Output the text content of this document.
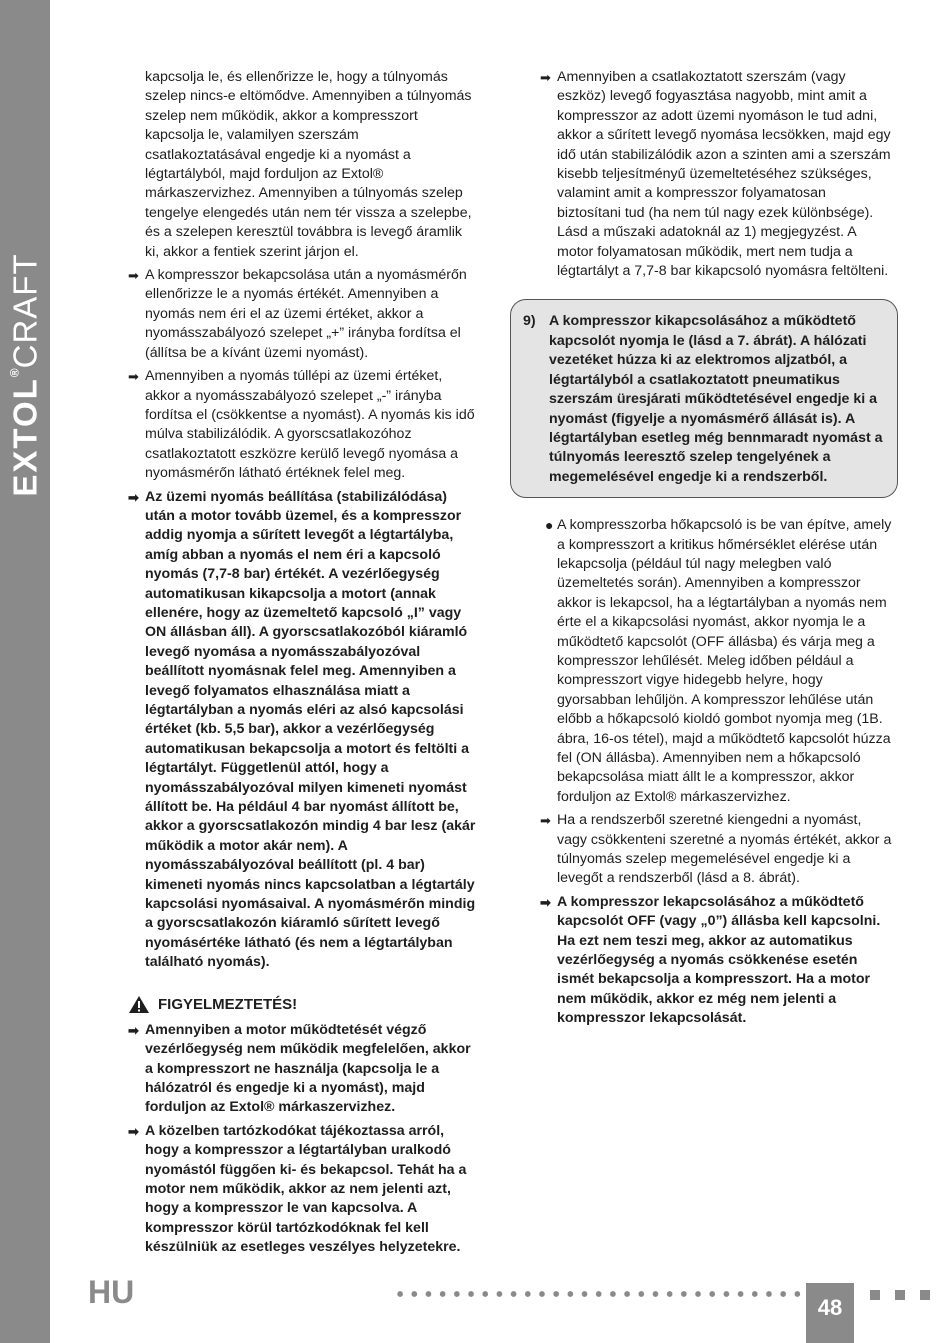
EXTOL®CRAFT

kapcsolja le, és ellenőrizze le, hogy a túlnyomás szelep nincs-e eltömődve. Amennyiben a túlnyomás szelep nem működik, akkor a kompresszort kapcsolja le, valamilyen szerszám csatlakoztatásával engedje ki a nyomást a légtartályból, majd forduljon az Extol® márkaszervizhez. Amennyiben a túlnyomás szelep tengelye elengedés után nem tér vissza a szelepbe, és a szelepen keresztül továbbra is levegő áramlik ki, akkor a fentiek szerint járjon el.

➡ A kompresszor bekapcsolása után a nyomásmérőn ellenőrizze le a nyomás értékét. Amennyiben a nyomás nem éri el az üzemi értéket, akkor a nyomásszabályozó szelepet „+” irányba fordítsa el (állítsa be a kívánt üzemi nyomást).
➡ Amennyiben a nyomás túllépi az üzemi értéket, akkor a nyomásszabályozó szelepet „-” irányba fordítsa el (csökkentse a nyomást). A nyomás kis idő múlva stabilizálódik. A gyorscsatlakozóhoz csatlakoztatott eszközre kerülő levegő nyomása a nyomásmérőn látható értéknek felel meg.
➡ Az üzemi nyomás beállítása (stabilizálódása) után a motor tovább üzemel, és a kompresszor addig nyomja a sűrített levegőt a légtartályba, amíg abban a nyomás el nem éri a kapcsoló nyomás (7,7-8 bar) értékét. A vezérlőegység automatikusan kikapcsolja a motort (annak ellenére, hogy az üzemeltető kapcsoló „I” vagy ON állásban áll). A gyorscsatlakozóból kiáramló levegő nyomása a nyomásszabályozóval beállított nyomásnak felel meg. Amennyiben a levegő folyamatos elhasználása miatt a légtartályban a nyomás eléri az alsó kapcsolási értéket (kb. 5,5 bar), akkor a vezérlőegység automatikusan bekapcsolja a motort és feltölti a légtartályt. Függetlenül attól, hogy a nyomásszabályozóval milyen kimeneti nyomást állított be. Ha például 4 bar nyomást állított be, akkor a gyorscsatlakozón mindig 4 bar lesz (akár működik a motor akár nem). A nyomásszabályozóval beállított (pl. 4 bar) kimeneti nyomás nincs kapcsolatban a légtartály kapcsolási nyomásaival. A nyomásmérőn mindig a gyorscsatlakozón kiáramló sűrített levegő nyomásértéke látható (és nem a légtartályban található nyomás).
FIGYELMEZTETÉS!
➡ Amennyiben a motor működtetését végző vezérlőegység nem működik megfelelően, akkor a kompresszort ne használja (kapcsolja le a hálózatról és engedje ki a nyomást), majd forduljon az Extol® márkaszervizhez.
➡ A közelben tartózkodókat tájékoztassa arról, hogy a kompresszor a légtartályban uralkodó nyomástól függően ki- és bekapcsol. Tehát ha a motor nem működik, akkor az nem jelenti azt, hogy a kompresszor le van kapcsolva. A kompresszor körül tartózkodóknak fel kell készülniük az esetleges veszélyes helyzetekre.
➡ Amennyiben a csatlakoztatott szerszám (vagy eszköz) levegő fogyasztása nagyobb, mint amit a kompresszor az adott üzemi nyomáson le tud adni, akkor a sűrített levegő nyomása lecsökken, majd egy idő után stabilizálódik azon a szinten ami a szerszám kisebb teljesítményű üzemeltetéséhez szükséges, valamint amit a kompresszor folyamatosan biztosítani tud (ha nem túl nagy ezek különbsége). Lásd a műszaki adatoknál az 1) megjegyzést. A motor folyamatosan működik, mert nem tudja a légtartályt a 7,7-8 bar kikapcsoló nyomásra feltölteni.
9) A kompresszor kikapcsolásához a működtető kapcsolót nyomja le (lásd a 7. ábrát). A hálózati vezetéket húzza ki az elektromos aljzatból, a légtartályból a csatlakoztatott pneumatikus szerszám üresjárati működtetésével engedje ki a nyomást (figyelje a nyomásmérő állását is). A légtartályban esetleg még bennmaradt nyomást a túlnyomás leeresztő szelep tengelyének a megemelésével engedje ki a rendszerből.
● A kompresszorba hőkapcsoló is be van építve, amely a kompresszort a kritikus hőmérséklet elérése után lekapcsolja (például túl nagy melegben való üzemeltetés során). Amennyiben a kompresszor akkor is lekapcsol, ha a légtartályban a nyomás nem érte el a kikapcsolási nyomást, akkor nyomja le a működtető kapcsolót (OFF állásba) és várja meg a kompresszor lehűlését. Meleg időben például a kompresszort vigye hidegebb helyre, hogy gyorsabban lehűljön. A kompresszor lehűlése után előbb a hőkapcsoló kioldó gombot nyomja meg (1B. ábra, 16-os tétel), majd a működtető kapcsolót húzza fel (ON állásba). Amennyiben nem a hőkapcsoló bekapcsolása miatt állt le a kompresszor, akkor forduljon az Extol® márkaszervizhez.
➡ Ha a rendszerből szeretné kiengedni a nyomást, vagy csökkenteni szeretné a nyomás értékét, akkor a túlnyomás szelep megemelésével engedje ki a levegőt a rendszerből (lásd a 8. ábrát).
➡ A kompresszor lekapcsolásához a működtető kapcsolót OFF (vagy „0”) állásba kell kapcsolni. Ha ezt nem teszi meg, akkor az automatikus vezérlőegység a nyomás csökkenése esetén ismét bekapcsolja a kompresszort. Ha a motor nem működik, akkor ez még nem jelenti a kompresszor lekapcsolását.
HU	48
